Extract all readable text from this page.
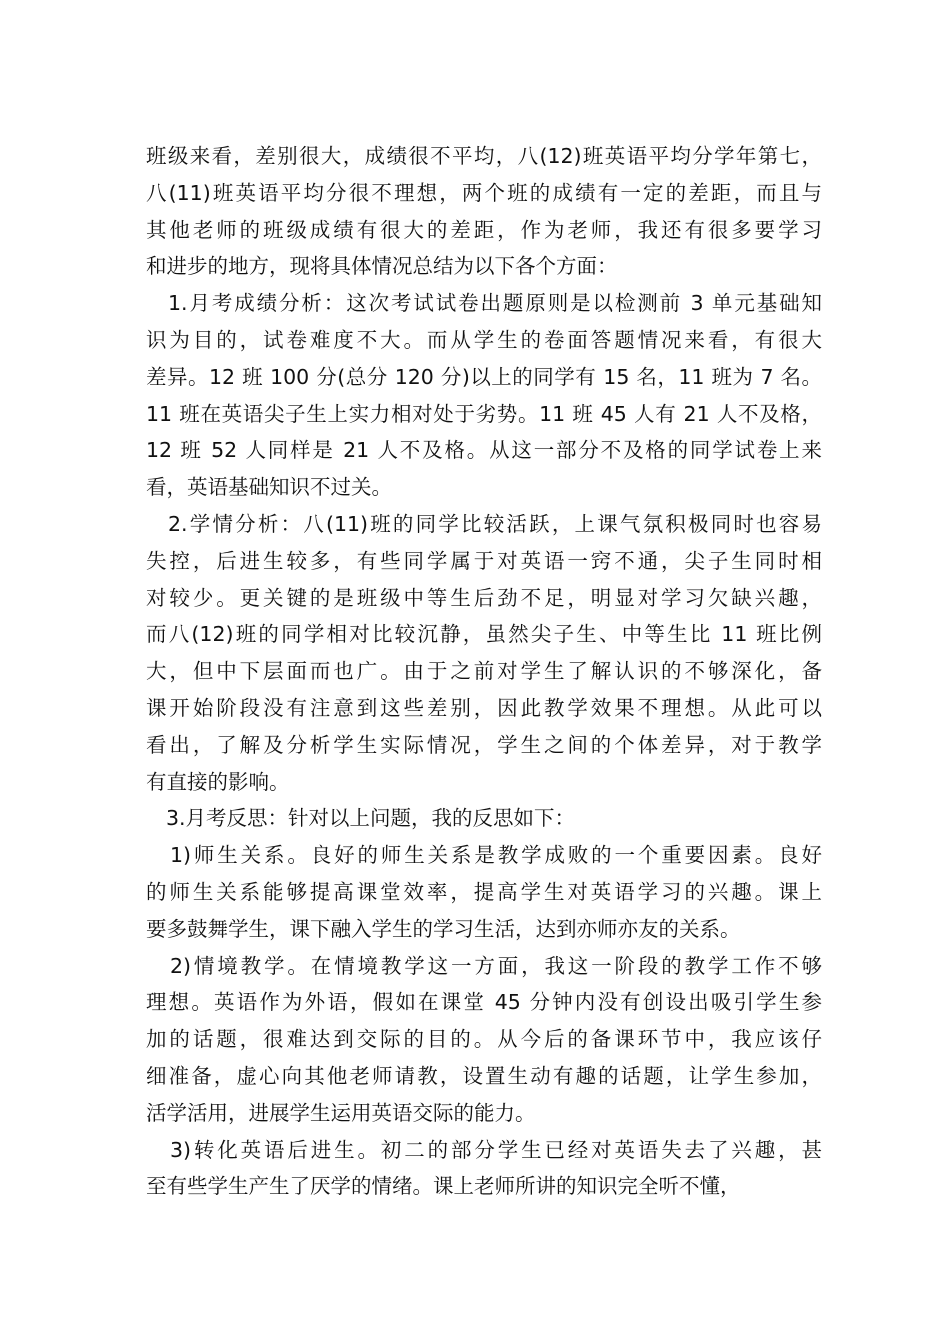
班级来看，差别很大，成绩很不平均，八(12)班英语平均分学年第七，
八(11)班英语平均分很不理想，两个班的成绩有一定的差距，而且与
其他老师的班级成绩有很大的差距，作为老师，我还有很多要学习
和进步的地方，现将具体情况总结为以下各个方面：
1.月考成绩分析：这次考试试卷出题原则是以检测前 3 单元基础知
识为目的，试卷难度不大。而从学生的卷面答题情况来看，有很大
差异。12 班 100 分(总分 120 分)以上的同学有 15 名，11 班为 7 名。
11 班在英语尖子生上实力相对处于劣势。11 班 45 人有 21 人不及格，
12 班 52 人同样是 21 人不及格。从这一部分不及格的同学试卷上来
看，英语基础知识不过关。
2.学情分析：八(11)班的同学比较活跃，上课气氛积极同时也容易
失控，后进生较多，有些同学属于对英语一窍不通，尖子生同时相
对较少。更关键的是班级中等生后劲不足，明显对学习欠缺兴趣，
而八(12)班的同学相对比较沉静，虽然尖子生、中等生比 11 班比例
大，但中下层面而也广。由于之前对学生了解认识的不够深化，备
课开始阶段没有注意到这些差别，因此教学效果不理想。从此可以
看出，了解及分析学生实际情况，学生之间的个体差异，对于教学
有直接的影响。
3.月考反思：针对以上问题，我的反思如下：
1)师生关系。良好的师生关系是教学成败的一个重要因素。良好
的师生关系能够提高课堂效率，提高学生对英语学习的兴趣。课上
要多鼓舞学生，课下融入学生的学习生活，达到亦师亦友的关系。
2)情境教学。在情境教学这一方面，我这一阶段的教学工作不够
理想。英语作为外语，假如在课堂 45 分钟内没有创设出吸引学生参
加的话题，很难达到交际的目的。从今后的备课环节中，我应该仔
细准备，虚心向其他老师请教，设置生动有趣的话题，让学生参加，
活学活用，进展学生运用英语交际的能力。
3)转化英语后进生。初二的部分学生已经对英语失去了兴趣，甚
至有些学生产生了厌学的情绪。课上老师所讲的知识完全听不懂，
